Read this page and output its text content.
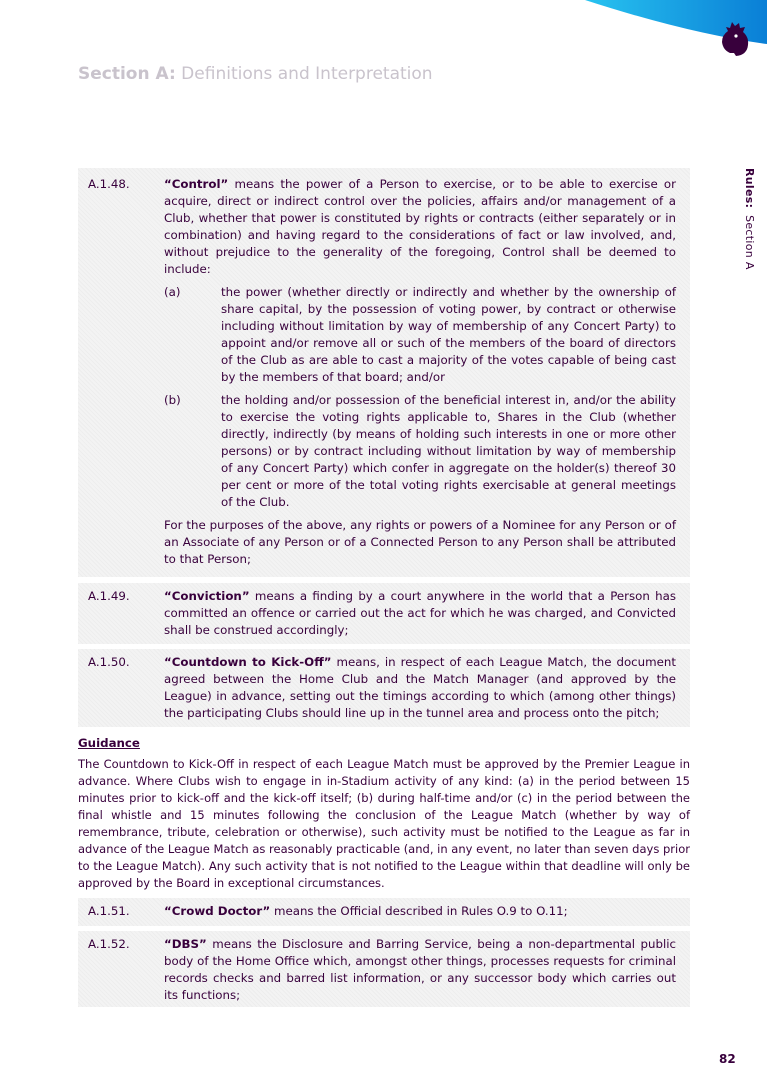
Section A: Definitions and Interpretation
Rules: Section A
A.1.48.	“Control” means the power of a Person to exercise, or to be able to exercise or acquire, direct or indirect control over the policies, affairs and/or management of a Club, whether that power is constituted by rights or contracts (either separately or in combination) and having regard to the considerations of fact or law involved, and, without prejudice to the generality of the foregoing, Control shall be deemed to include:
(a)	the power (whether directly or indirectly and whether by the ownership of share capital, by the possession of voting power, by contract or otherwise including without limitation by way of membership of any Concert Party) to appoint and/or remove all or such of the members of the board of directors of the Club as are able to cast a majority of the votes capable of being cast by the members of that board; and/or
(b)	the holding and/or possession of the beneficial interest in, and/or the ability to exercise the voting rights applicable to, Shares in the Club (whether directly, indirectly (by means of holding such interests in one or more other persons) or by contract including without limitation by way of membership of any Concert Party) which confer in aggregate on the holder(s) thereof 30 per cent or more of the total voting rights exercisable at general meetings of the Club.
For the purposes of the above, any rights or powers of a Nominee for any Person or of an Associate of any Person or of a Connected Person to any Person shall be attributed to that Person;
A.1.49.	“Conviction” means a finding by a court anywhere in the world that a Person has committed an offence or carried out the act for which he was charged, and Convicted shall be construed accordingly;
A.1.50.	“Countdown to Kick-Off” means, in respect of each League Match, the document agreed between the Home Club and the Match Manager (and approved by the League) in advance, setting out the timings according to which (among other things) the participating Clubs should line up in the tunnel area and process onto the pitch;
Guidance
The Countdown to Kick-Off in respect of each League Match must be approved by the Premier League in advance. Where Clubs wish to engage in in-Stadium activity of any kind: (a) in the period between 15 minutes prior to kick-off and the kick-off itself; (b) during half-time and/or (c) in the period between the final whistle and 15 minutes following the conclusion of the League Match (whether by way of remembrance, tribute, celebration or otherwise), such activity must be notified to the League as far in advance of the League Match as reasonably practicable (and, in any event, no later than seven days prior to the League Match). Any such activity that is not notified to the League within that deadline will only be approved by the Board in exceptional circumstances.
A.1.51.	“Crowd Doctor” means the Official described in Rules O.9 to O.11;
A.1.52.	“DBS” means the Disclosure and Barring Service, being a non-departmental public body of the Home Office which, amongst other things, processes requests for criminal records checks and barred list information, or any successor body which carries out its functions;
82
